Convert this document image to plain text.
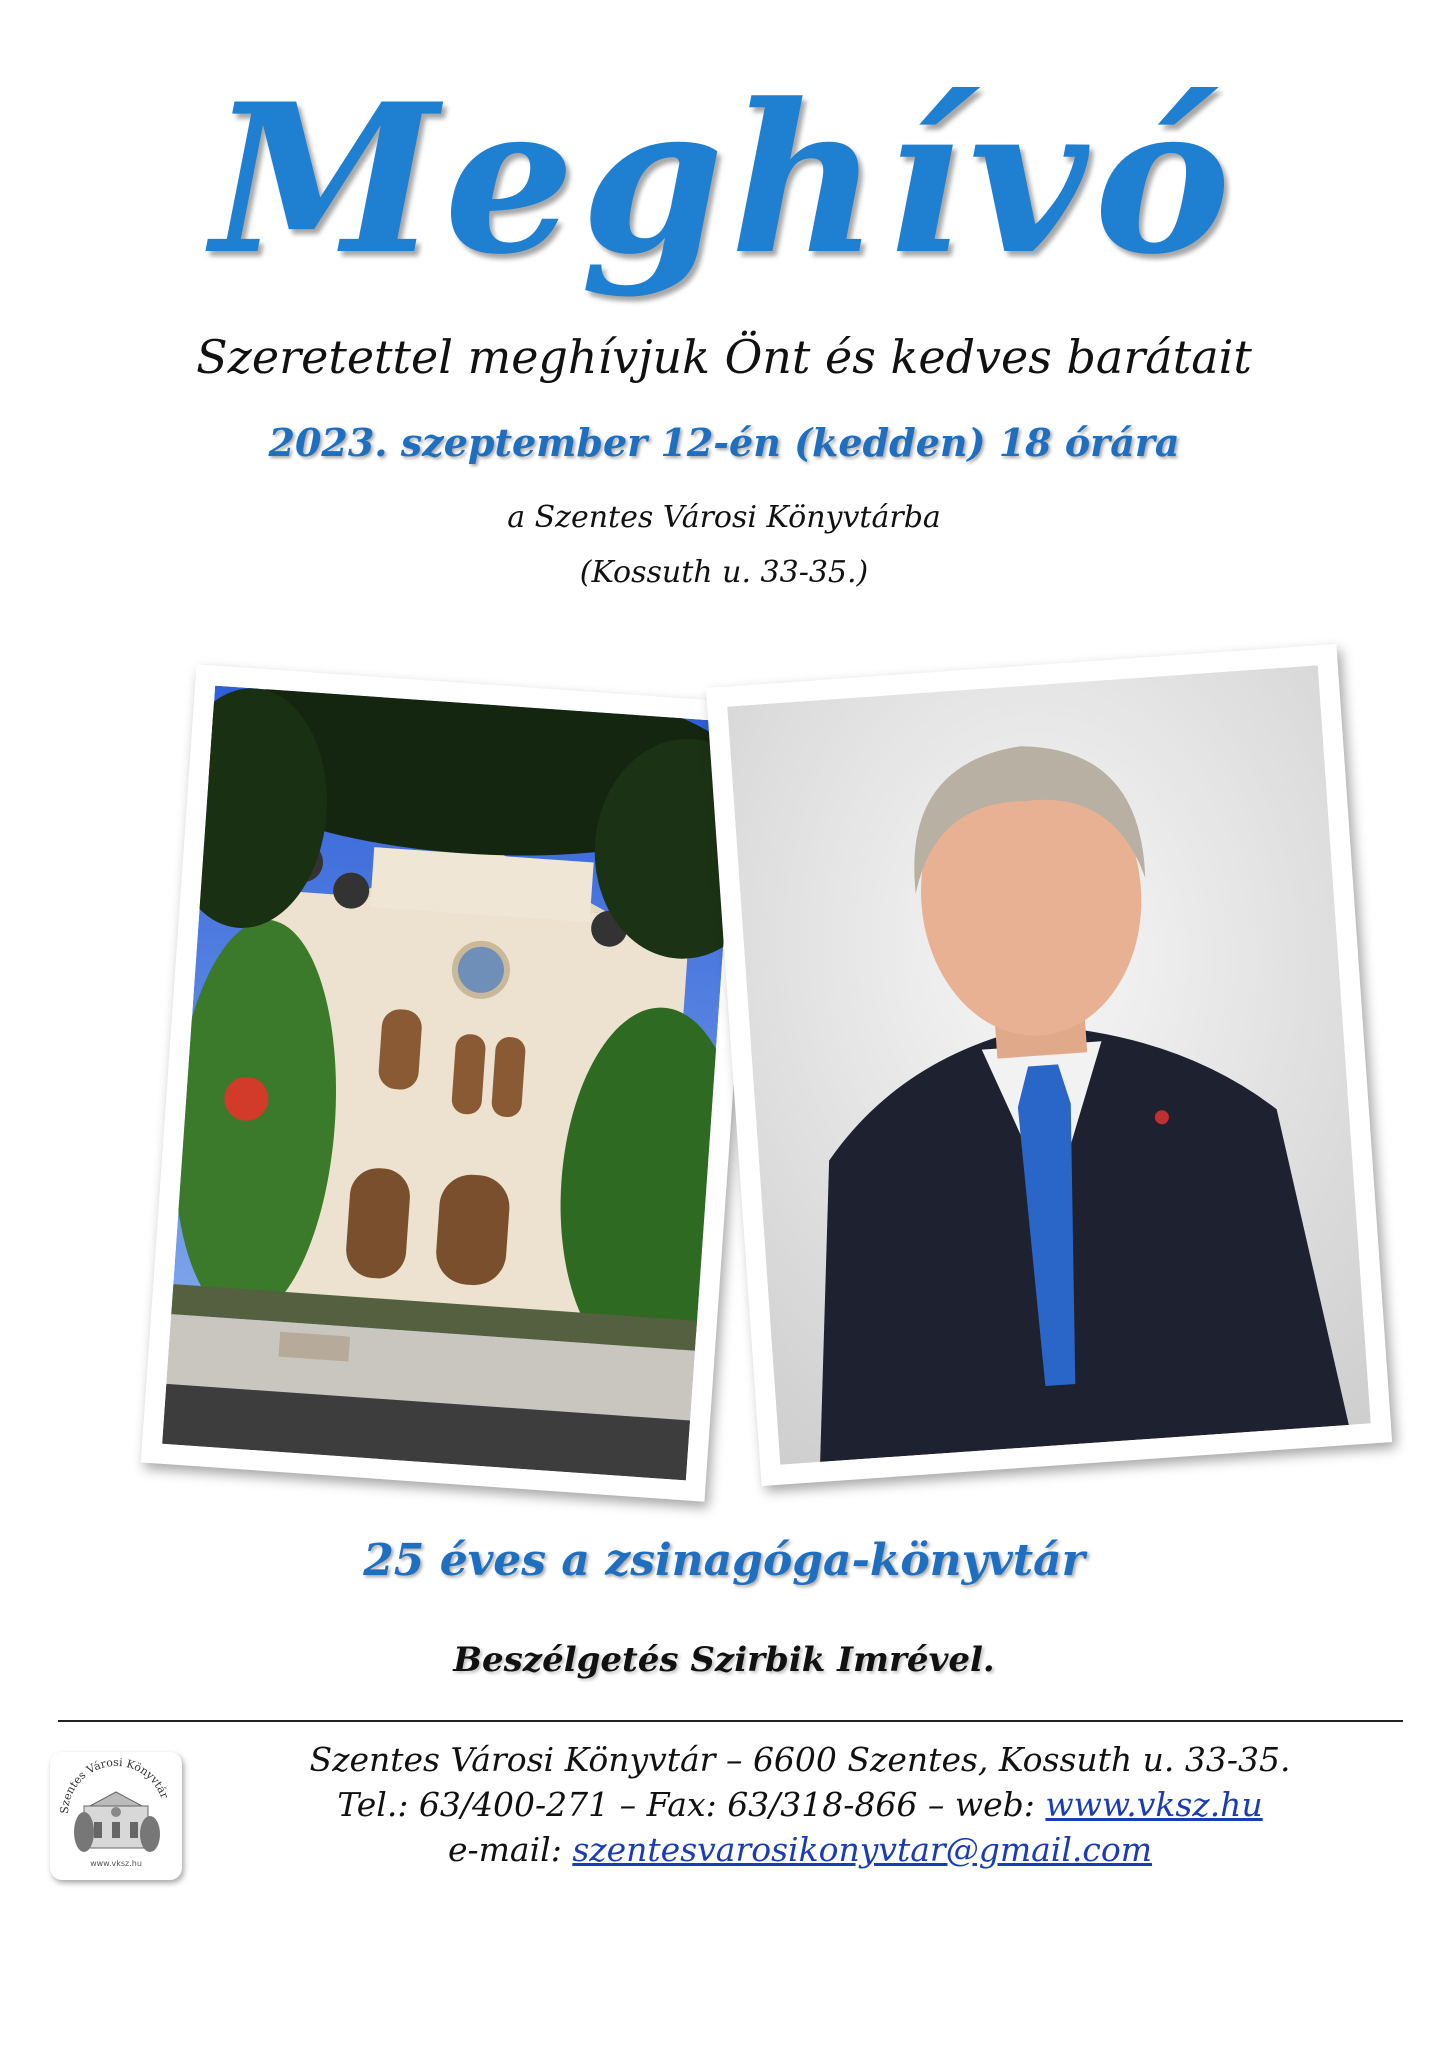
Meghívó
Szeretettel meghívjuk Önt és kedves barátait
2023. szeptember 12-én (kedden) 18 órára
a Szentes Városi Könyvtárba
(Kossuth u. 33-35.)
25 éves a zsinagóga-könyvtár
Beszélgetés Szirbik Imrével.
Szentes Városi Könyvtár
www.vksz.hu
Szentes Városi Könyvtár – 6600 Szentes, Kossuth u. 33-35.
Tel.: 63/400-271 – Fax: 63/318-866 – web: www.vksz.hu
e-mail: szentesvarosikonyvtar@gmail.com
